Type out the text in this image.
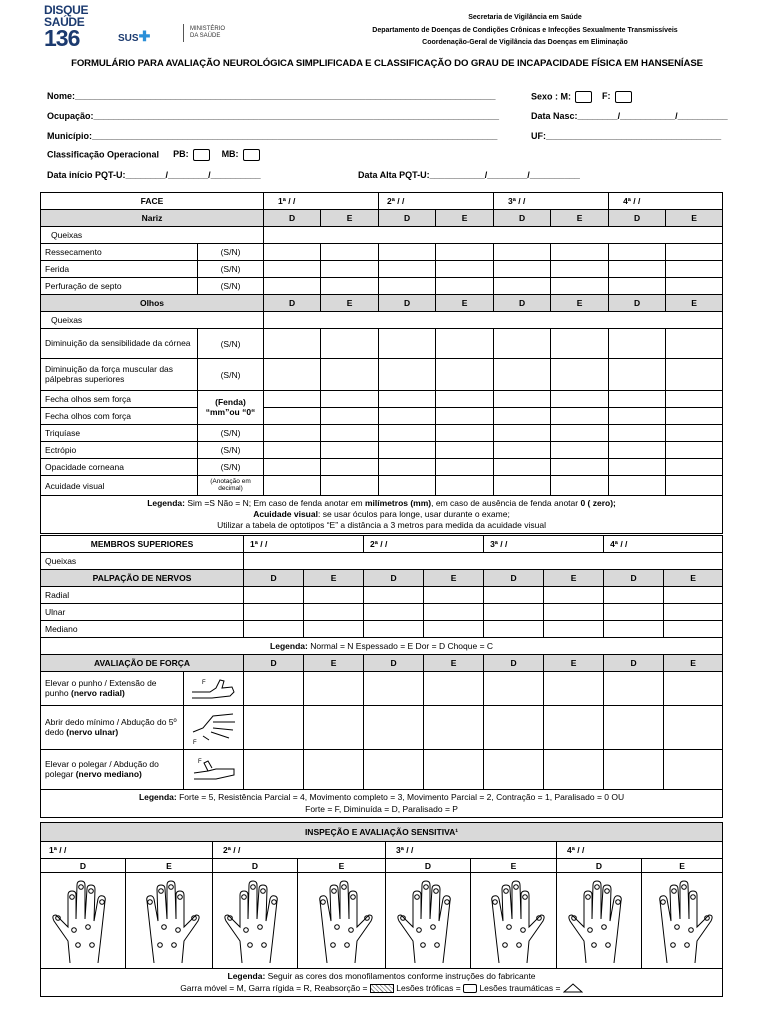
DISQUE
SAÚDE
136	SUS✚	MINISTÉRIO DA SAÚDE
Secretaria de Vigilância em Saúde
Departamento de Doenças de Condições Crônicas e Infecções Sexualmente Transmissíveis
Coordenação-Geral de Vigilância das Doenças em Eliminação
FORMULÁRIO PARA AVALIAÇÃO NEUROLÓGICA SIMPLIFICADA E CLASSIFICAÇÃO DO GRAU DE INCAPACIDADE FÍSICA EM HANSENÍASE
Nome:____________________________________________________________________________________	Sexo : M:	F:
Ocupação:_________________________________________________________________________________	Data Nasc:________/___________/__________
Município:_________________________________________________________________________________	UF:___________________________________
Classificação Operacional PB:	MB:
Data início PQT-U:________/________/__________	Data Alta PQT-U:___________/________/__________
FACE		1ª / /		2ª / /		3ª / /		4ª / /	
Nariz		D	E	D	E	D	E	D	E
Queixas									
Ressecamento	(S/N)								
Ferida	(S/N)								
Perfuração de septo	(S/N)								
Olhos		D	E	D	E	D	E	D	E
Queixas									
Diminuição da sensibilidade da córnea	(S/N)								
Diminuição da força muscular das pálpebras superiores	(S/N)								
Fecha olhos sem força	(Fenda) “mm”ou “0“								
Fecha olhos com força									
Triquíase	(S/N)								
Ectrópio	(S/N)								
Opacidade corneana	(S/N)								
Acuidade visual	(Anotação em decimal)								
Legenda: Sim =S Não = N; Em caso de fenda anotar em milímetros (mm), em caso de ausência de fenda anotar 0 ( zero);
Acuidade visual: se usar óculos para longe, usar durante o exame;
Utilizar a tabela de optotipos “E” a distância a 3 metros para medida da acuidade visual									
MEMBROS SUPERIORES		1ª / /		2ª / /		3ª / /		4ª / /	
Queixas									
PALPAÇÃO DE NERVOS		D	E	D	E	D	E	D	E
Radial									
Ulnar									
Mediano									
Legenda: Normal = N Espessado = E Dor = D Choque = C									
AVALIAÇÃO DE FORÇA		D	E	D	E	D	E	D	E
Elevar o punho / Extensão de punho (nervo radial)	F								

Abrir dedo mínimo / Abdução do 5º dedo (nervo ulnar)	F								

Elevar o polegar / Abdução do polegar (nervo mediano)	F								

Legenda: Forte = 5, Resistência Parcial = 4, Movimento completo = 3, Movimento Parcial = 2, Contração = 1, Paralisado = 0 OU
Forte = F, Diminuída = D, Paralisado = P									
INSPEÇÃO E AVALIAÇÃO SENSITIVA¹							
1ª / /		2ª / /		3ª / /		4ª / /	
D	E	D	E	D	E	D	E

Legenda: Seguir as cores dos monofilamentos conforme instruções do fabricante
Garra móvel = M, Garra rígida = R, Reabsorção = Lesões tróficas =  Lesões traumáticas =							
